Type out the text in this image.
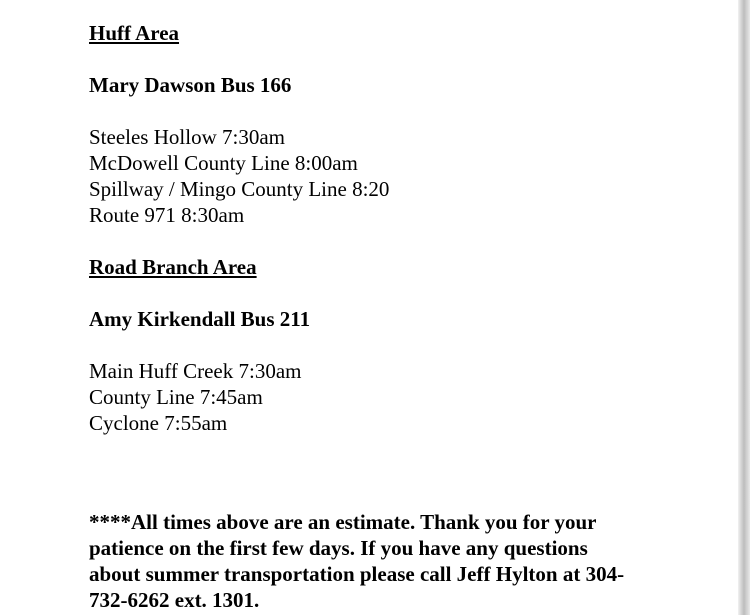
Huff Area
Mary Dawson Bus 166
Steeles Hollow 7:30am
McDowell County Line 8:00am
Spillway / Mingo County Line 8:20
Route 971 8:30am
Road Branch Area
Amy Kirkendall Bus 211
Main Huff Creek 7:30am
County Line 7:45am
Cyclone 7:55am
****All times above are an estimate. Thank you for your
patience on the first few days. If you have any questions
about summer transportation please call Jeff Hylton at 304-
732-6262 ext. 1301.
